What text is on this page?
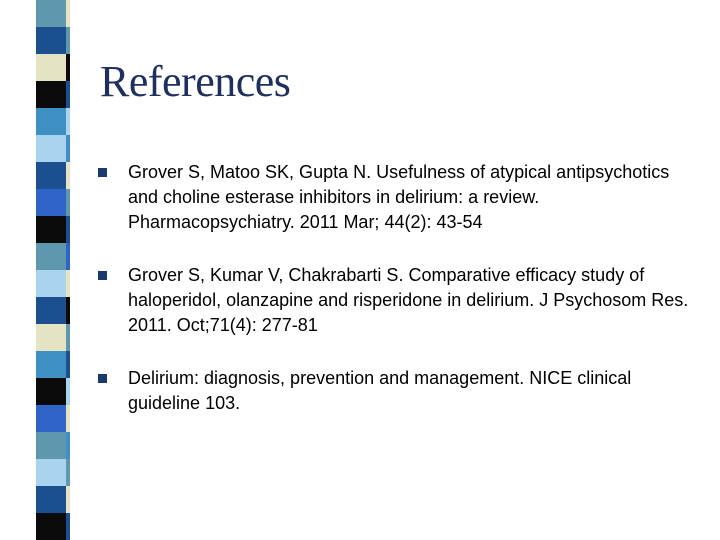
References
Grover S, Matoo SK, Gupta N. Usefulness of atypical antipsychotics and choline esterase inhibitors in delirium: a review. Pharmacopsychiatry. 2011 Mar; 44(2): 43-54
Grover S, Kumar V, Chakrabarti S. Comparative efficacy study of haloperidol, olanzapine and risperidone in delirium. J Psychosom Res. 2011. Oct;71(4): 277-81
Delirium: diagnosis, prevention and management. NICE clinical guideline 103.
